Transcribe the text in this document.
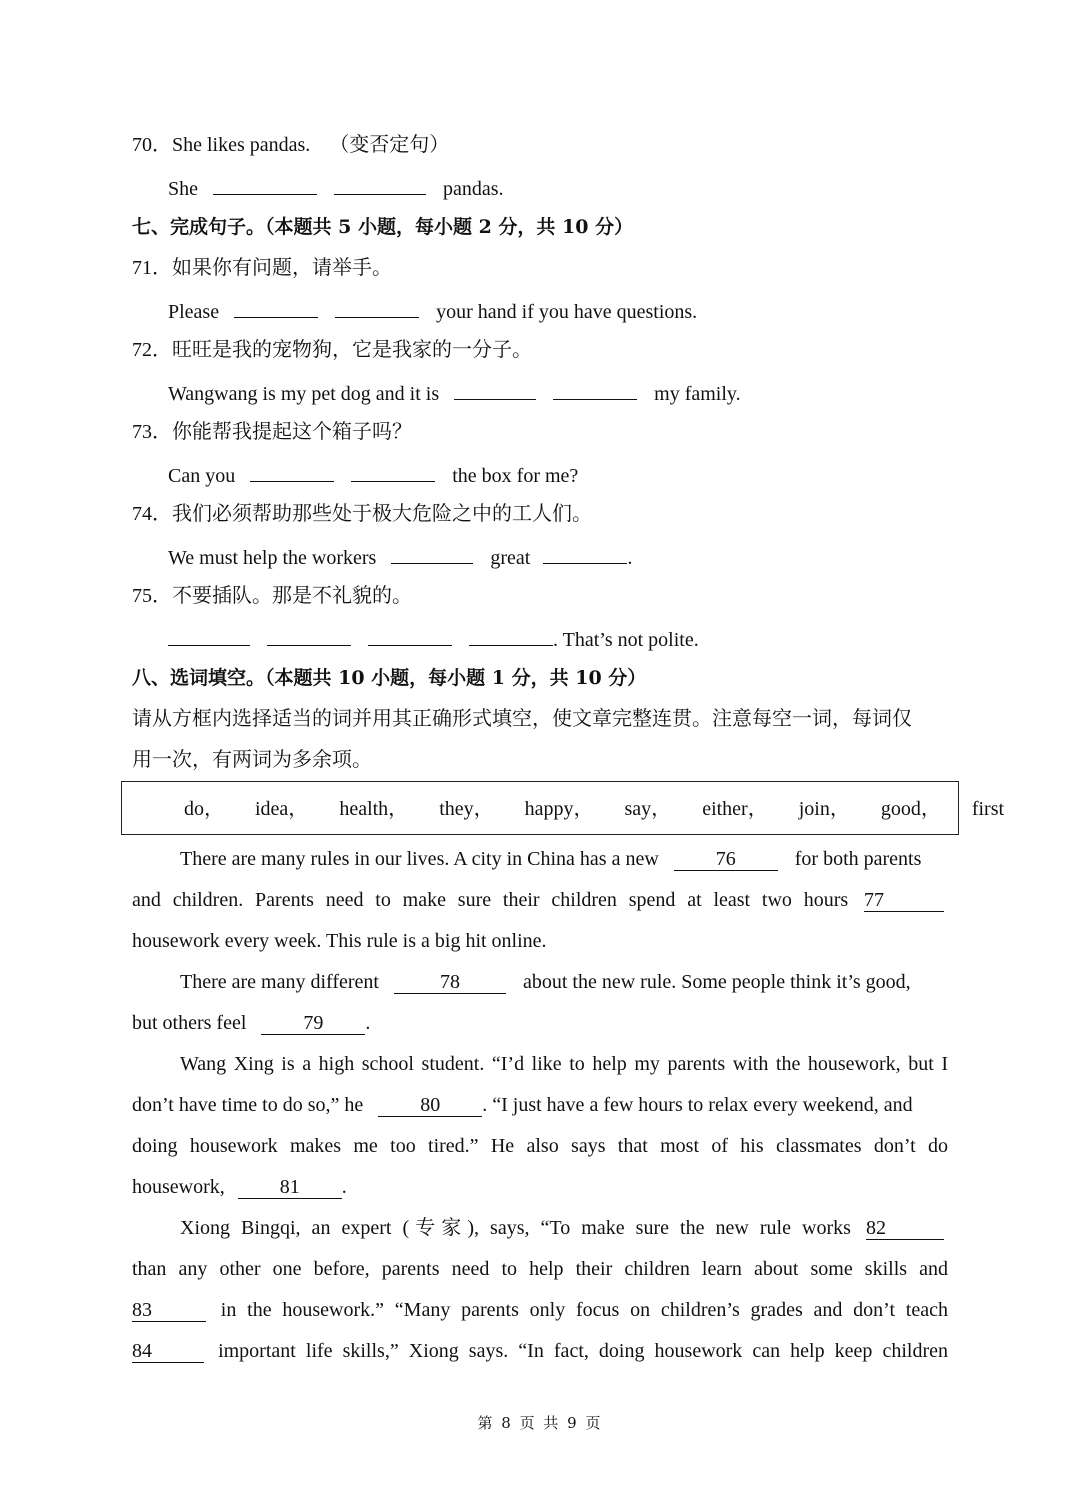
70．She likes pandas. （变否定句）
She	pandas.
七、完成句子。（本题共 5 小题，每小题 2 分，共 10 分）
71．如果你有问题，请举手。
Please	your hand if you have questions.
72．旺旺是我的宠物狗，它是我家的一分子。
Wangwang is my pet dog and it is	my family.
73．你能帮我提起这个箱子吗？
Can you	the box for me?
74．我们必须帮助那些处于极大危险之中的工人们。
We must help the workers	great	.
75．不要插队。那是不礼貌的。
. That’s not polite.
八、选词填空。（本题共 10 小题，每小题 1 分，共 10 分）
请从方框内选择适当的词并用其正确形式填空，使文章完整连贯。注意每空一词，每词仅
用一次，有两词为多余项。
do， idea， health， they， happy， say， either， join， good， first
There are many rules in our lives. A city in China has a new	76	for both parents
and children. Parents need to make sure their children spend at least two hours 77
housework every week. This rule is a big hit online.
There are many different	78	about the new rule. Some people think it’s good,
but others feel	79 .
Wang Xing is a high school student. “I’d like to help my parents with the housework, but I
don’t have time to do so,” he	80 . “I just have a few hours to relax every weekend, and
doing housework makes me too tired.” He also says that most of his classmates don’t do
housework,	81 .
Xiong Bingqi, an expert (专家), says, “To make sure the new rule works 82
than any other one before, parents need to help their children learn about some skills and
83	in the housework.” “Many parents only focus on children’s grades and don’t teach
84	important life skills,” Xiong says. “In fact, doing housework can help keep children
第 8 页 共 9 页
